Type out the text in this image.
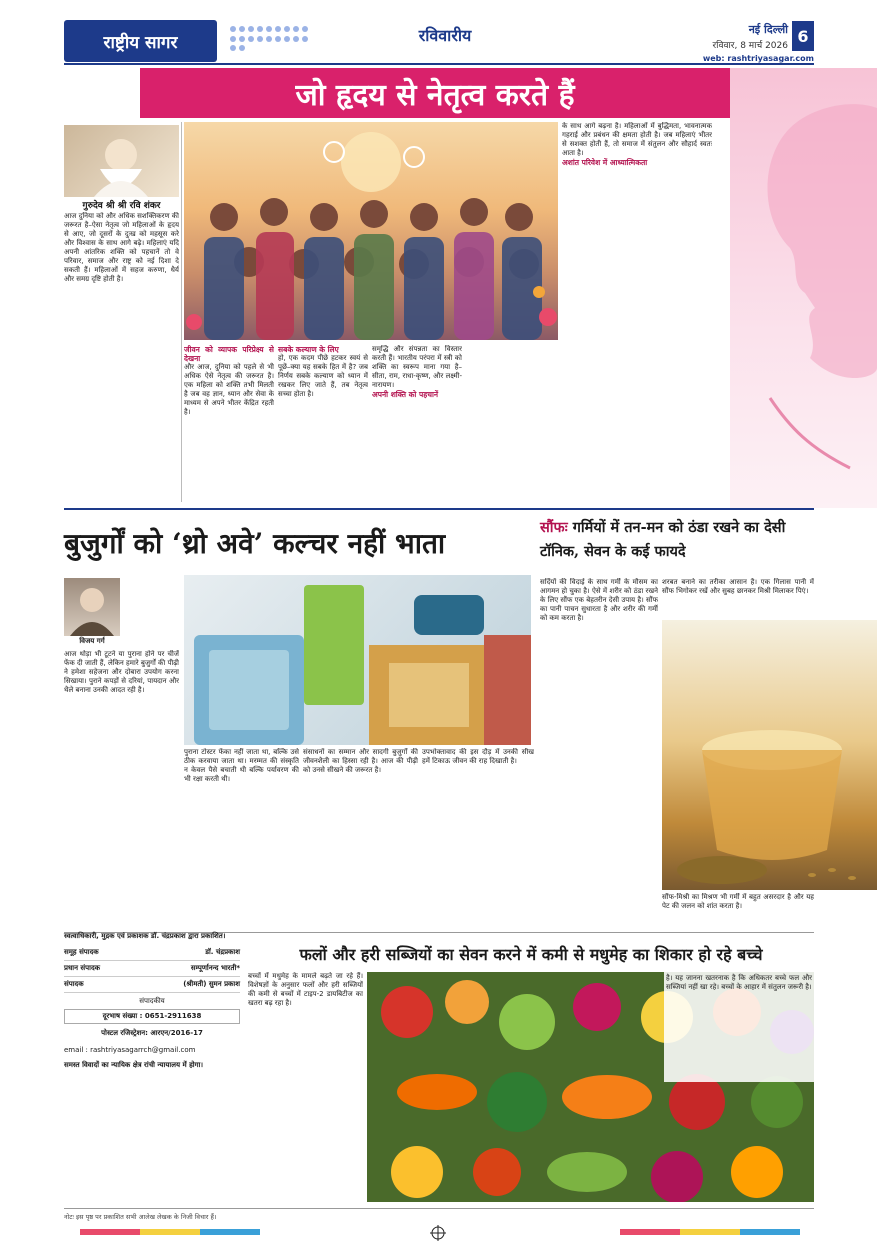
राष्ट्रीय सागर	रविवारीय	नई दिल्ली
रविवार, 8 मार्च 2026
6
web: rashtriyasagar.com
जो हृदय से नेतृत्व करते हैं
गुरुदेव श्री श्री रवि शंकर
आज दुनिया को और अधिक सशक्तिकरण की जरूरत है–ऐसा नेतृत्व जो महिलाओं के हृदय से आए, जो दूसरों के दुःख को महसूस करे और विश्वास के साथ आगे बढ़े। महिलाएं यदि अपनी आंतरिक शक्ति को पहचानें तो वे परिवार, समाज और राष्ट्र को नई दिशा दे सकती हैं। महिलाओं में सहज करुणा, धैर्य और समग्र दृष्टि होती है।
जीवन को व्यापक परिप्रेक्ष्य से देखना
और आज, दुनिया को पहले से भी अधिक ऐसे नेतृत्व की जरूरत है। एक महिला को शक्ति तभी मिलती है जब वह ज्ञान, ध्यान और सेवा के माध्यम से अपने भीतर केंद्रित रहती है।
सबके कल्याण के लिए
हो, एक कदम पीछे हटकर स्वयं से पूछें–क्या यह सबके हित में है? जब निर्णय सबके कल्याण को ध्यान में रखकर लिए जाते हैं, तब नेतृत्व सच्चा होता है।
समृद्धि और संपन्नता का विस्तार करती हैं। भारतीय परंपरा में स्त्री को शक्ति का स्वरूप माना गया है–सीता, राम, राधा-कृष्ण, और लक्ष्मी-नारायण।
अपनी शक्ति को पहचानें
के साथ आगे बढ़ना है। महिलाओं में बुद्धिमता, भावनात्मक गहराई और प्रबंधन की क्षमता होती है। जब महिलाएं भीतर से सशक्त होती हैं, तो समाज में संतुलन और सौहार्द स्वतः आता है।
अशांत परिवेश में आध्यात्मिकता
बुजुर्गों को ‘थ्रो अवे’ कल्चर नहीं भाता
विजय गर्ग
आज थोड़ा भी टूटने या पुराना होने पर चीजें फेंक दी जाती हैं, लेकिन हमारे बुजुर्गों की पीढ़ी ने हमेशा सहेजना और दोबारा उपयोग करना सिखाया। पुराने कपड़ों से दरियां, पायदान और थैले बनाना उनकी आदत रही है।
पुराना टोस्टर फेंका नहीं जाता था, बल्कि उसे ठीक करवाया जाता था। मरम्मत की संस्कृति न केवल पैसे बचाती थी बल्कि पर्यावरण की भी रक्षा करती थी।
संसाधनों का सम्मान और सादगी बुजुर्गों की जीवनशैली का हिस्सा रही है। आज की पीढ़ी को उनसे सीखने की जरूरत है।
उपभोक्तावाद की इस दौड़ में उनकी सीख हमें टिकाऊ जीवन की राह दिखाती है।
सौंफः गर्मियों में तन-मन को ठंडा रखने का देसी टॉनिक, सेवन के कई फायदे
सर्दियों की विदाई के साथ गर्मी के मौसम का आगमन हो चुका है। ऐसे में शरीर को ठंडा रखने के लिए सौंफ एक बेहतरीन देसी उपाय है। सौंफ का पानी पाचन सुधारता है और शरीर की गर्मी को कम करता है।
शरबत बनाने का तरीका आसान है। एक गिलास पानी में सौंफ भिगोकर रखें और सुबह छानकर मिश्री मिलाकर पिएं।
सौंफ-मिश्री का मिश्रण भी गर्मी में बहुत असरदार है और यह पेट की जलन को शांत करता है।
स्वत्वाधिकारी, मुद्रक एवं प्रकाशक डॉ. चंद्रप्रकाश द्वारा प्रकाशित।
समूह संपादक	डॉ. चंद्रप्रकाश
प्रधान संपादक	सम्पूर्णानन्द भारती*
संपादक	(श्रीमती) सुमन प्रकाश
संपादकीय
दूरभाष संख्या : 0651-2911638
पोस्टल रजिस्ट्रेशन: आरएन/2016-17
email : rashtriyasagarrch@gmail.com
समस्त विवादों का न्यायिक क्षेत्र रांची न्यायालय में होगा।
फलों और हरी सब्जियों का सेवन करने में कमी से मधुमेह का शिकार हो रहे बच्चे
बच्चों में मधुमेह के मामले बढ़ते जा रहे हैं। विशेषज्ञों के अनुसार फलों और हरी सब्जियों की कमी से बच्चों में टाइप-2 डायबिटीज का खतरा बढ़ रहा है।
है। यह जानना खतरनाक है कि अधिकतर बच्चे फल और सब्जियां नहीं खा रहे। बच्चों के आहार में संतुलन जरूरी है।
नोटः इस पृष्ठ पर प्रकाशित सभी आलेख लेखक के निजी विचार हैं।
